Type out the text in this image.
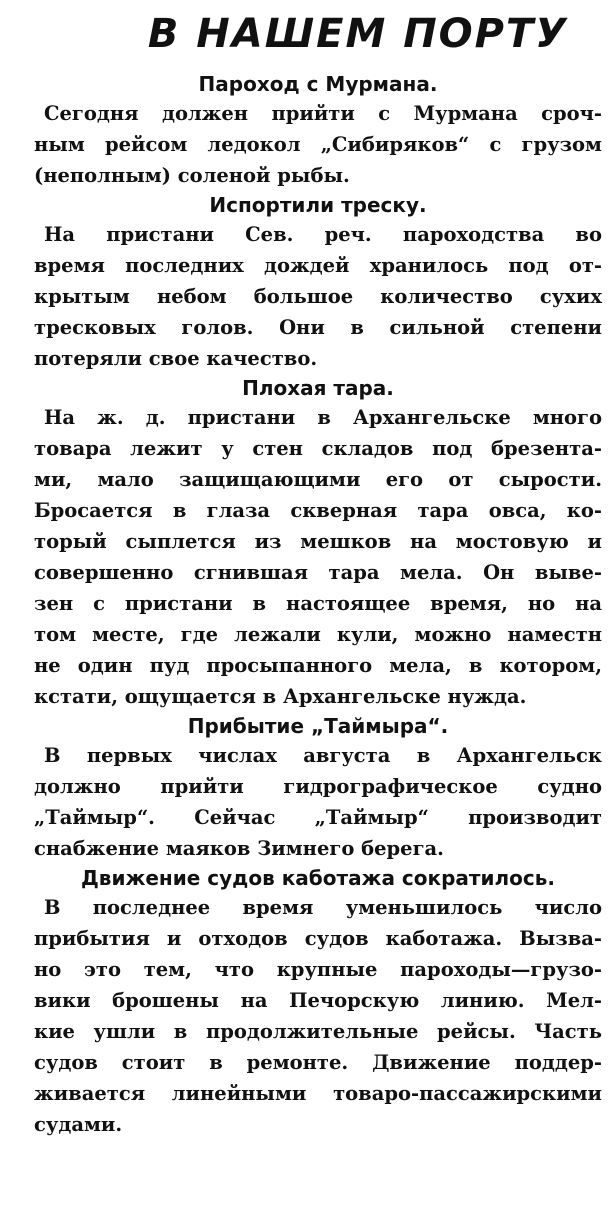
В НАШЕМ ПОРТУ
Пароход с Мурмана.
Сегодня должен прийти с Мурмана сроч-
ным рейсом ледокол „Сибиряков“ с грузом
(неполным) соленой рыбы.
Испортили треску.
На пристани Сев. реч. пароходства во
время последних дождей хранилось под от-
крытым небом большое количество сухих
тресковых голов. Они в сильной степени
потеряли свое качество.
Плохая тара.
На ж. д. пристани в Архангельске много
товара лежит у стен складов под брезента-
ми, мало защищающими его от сырости.
Бросается в глаза скверная тара овса, ко-
торый сыплется из мешков на мостовую и
совершенно сгнившая тара мела. Он выве-
зен с пристани в настоящее время, но на
том месте, где лежали кули, можно наместн
не один пуд просыпанного мела, в котором,
кстати, ощущается в Архангельске нужда.
Прибытие „Таймыра“.
В первых числах августа в Архангельск
должно прийти гидрографическое судно
„Таймыр“. Сейчас „Таймыр“ производит
снабжение маяков Зимнего берега.
Движение судов каботажа сократилось.
В последнее время уменьшилось число
прибытия и отходов судов каботажа. Вызва-
но это тем, что крупные пароходы—грузо-
вики брошены на Печорскую линию. Мел-
кие ушли в продолжительные рейсы. Часть
судов стоит в ремонте. Движение поддер-
живается линейными товаро-пассажирскими
судами.
